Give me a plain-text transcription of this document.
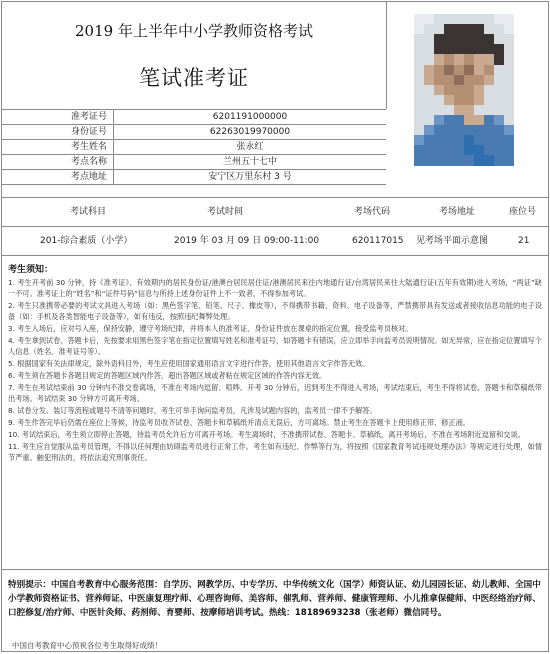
2019 年上半年中小学教师资格考试
笔试准考证
准考证号	6201191000000
身份证号	62263019970000
考生姓名	张永红
考点名称	兰州五十七中
考点地址	安宁区万里东村 3 号
考试科目	考试时间	考场代码	考场地址	座位号
201-综合素质（小学）	2019 年 03 月 09 日 09:00-11:00	620117015 见考场平面示意图	21
考生须知：

1. 考生开考前 30 分钟，持《准考证》、有效期内的居民身份证/港澳台居民居住证/港澳居民来往内地通行证/台湾居民来往大陆通行证(五年有效期)进入考场，“两证”缺一不可。准考证上的“姓名”和“证件号码”信息与所持上述身份证件上不一致者，不得参加考试。

2. 考生只准携带必要的考试文具进入考场（如：黑色签字笔、铅笔、尺子、橡皮等），不得携带书籍、资料、电子设备等，严禁携带具有发送或者接收信息功能的电子设备（如：手机及各类智能电子设备等），如有违反，按照违纪舞弊处理。

3. 考生入场后，应对号入座，保持安静，遵守考场纪律，并将本人的准考证、身份证件放在课桌的指定位置，接受监考员核对。

4. 考生拿到试卷、答题卡后，先按要求用黑色签字笔在指定位置填写姓名和准考证号，如答题卡有错误，应立即举手向监考员说明情况。如无异常，应在指定位置填写个人信息（姓名、准考证号等）。

5. 根据国家有关法律规定，除外语科目外，考生应使用国家通用语言文字进行作答，使用其他语言文字作答无效。

6. 考生须在答题卡各题目规定的答题区域内作答，超出答题区域或者粘在规定区域的作答内容无效。

7. 考生在考试结束前 30 分钟内不准交卷离场，不准在考场内逗留、喧哗。开考 30 分钟后，迟到考生不得进入考场，考试结束后，考生不得将试卷、答题卡和草稿纸带出考场。考试结束 30 分钟方可离开考场。

8. 试卷分发、装订等流程或题号不清等问题时，考生可举手询问监考员，凡涉及试题内容的，监考员一律不予解答。

9. 考生作答完毕后仍需在座位上等候，待监考员收齐试卷、答题卡和草稿纸并清点无误后，方可离场。禁止考生在答题卡上使用修正带、修正液。

10. 考试结束后，考生须立即停止答题，待监考员允许后方可离开考场。考生离场时，不准携带试卷、答题卡、草稿纸，离开考场后，不准在考场附近逗留和交谈。

11. 考生应自觉服从监考员管理，不得以任何理由妨碍监考员进行正常工作。考生如有违纪、作弊等行为，将按照《国家教育考试违规处理办法》等规定进行处理，如情节严重、触犯刑法的，将依法追究刑事责任。

特别提示：中国自考教育中心服务范围：自学历、网教学历、中专学历、中华传统文化（国学）师资认证、幼儿园园长证、幼儿教师、全国中小学教师资格证书、营养师证、中医康复理疗师、心理咨询师、美容师、催乳师、营养师、健康管理师、小儿推拿保健师、中医经络治疗师、口腔修复/治疗师、中医针灸师、药剂师、育婴师、按摩师培训考试。热线：18189693238（张老师）微信同号。
中国自考教育中心预祝各位考生取得好成绩！
